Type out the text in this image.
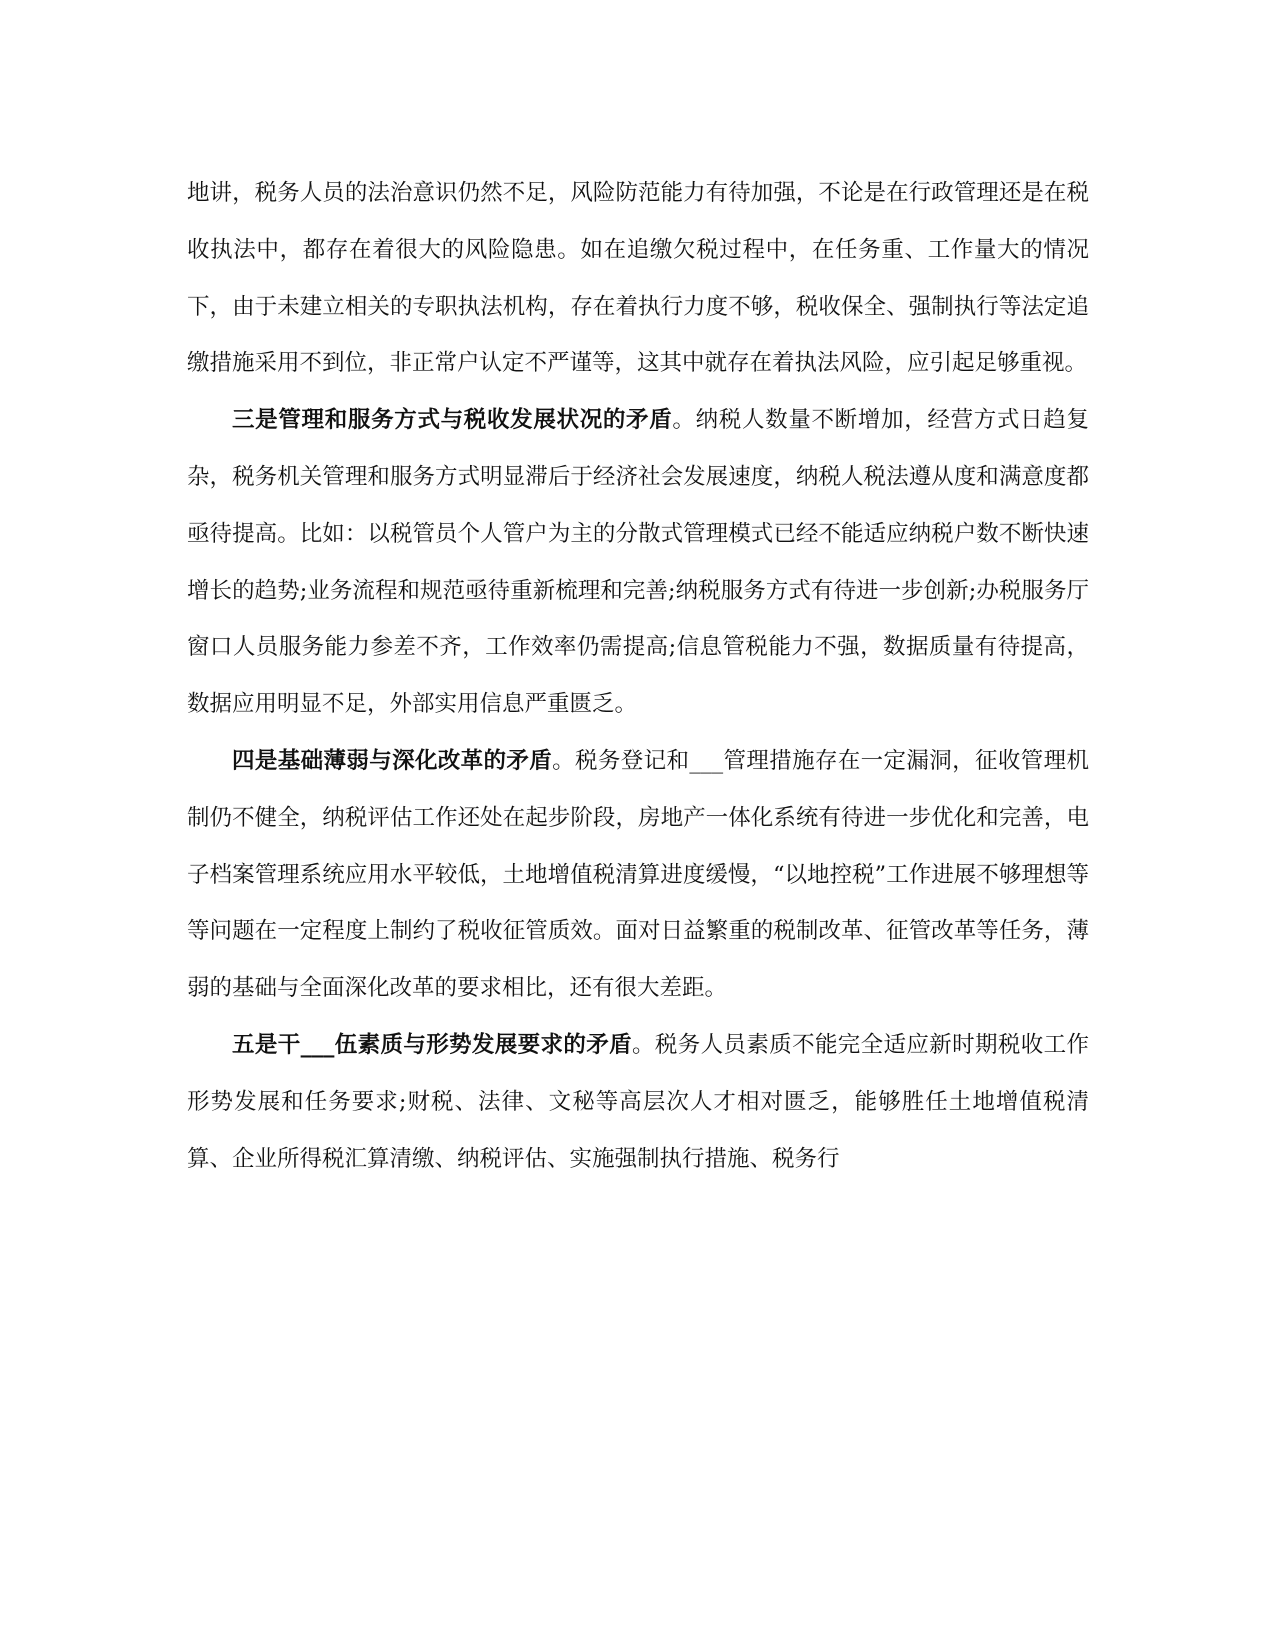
地讲，税务人员的法治意识仍然不足，风险防范能力有待加强，不论是在行政管理还是在税收执法中，都存在着很大的风险隐患。如在追缴欠税过程中，在任务重、工作量大的情况下，由于未建立相关的专职执法机构，存在着执行力度不够，税收保全、强制执行等法定追缴措施采用不到位，非正常户认定不严谨等，这其中就存在着执法风险，应引起足够重视。

三是管理和服务方式与税收发展状况的矛盾。纳税人数量不断增加，经营方式日趋复杂，税务机关管理和服务方式明显滞后于经济社会发展速度，纳税人税法遵从度和满意度都亟待提高。比如：以税管员个人管户为主的分散式管理模式已经不能适应纳税户数不断快速增长的趋势;业务流程和规范亟待重新梳理和完善;纳税服务方式有待进一步创新;办税服务厅窗口人员服务能力参差不齐，工作效率仍需提高;信息管税能力不强，数据质量有待提高，数据应用明显不足，外部实用信息严重匮乏。

四是基础薄弱与深化改革的矛盾。税务登记和___管理措施存在一定漏洞，征收管理机制仍不健全，纳税评估工作还处在起步阶段，房地产一体化系统有待进一步优化和完善，电子档案管理系统应用水平较低，土地增值税清算进度缓慢，“以地控税”工作进展不够理想等等问题在一定程度上制约了税收征管质效。面对日益繁重的税制改革、征管改革等任务，薄弱的基础与全面深化改革的要求相比，还有很大差距。

五是干___伍素质与形势发展要求的矛盾。税务人员素质不能完全适应新时期税收工作形势发展和任务要求;财税、法律、文秘等高层次人才相对匮乏，能够胜任土地增值税清算、企业所得税汇算清缴、纳税评估、实施强制执行措施、税务行
